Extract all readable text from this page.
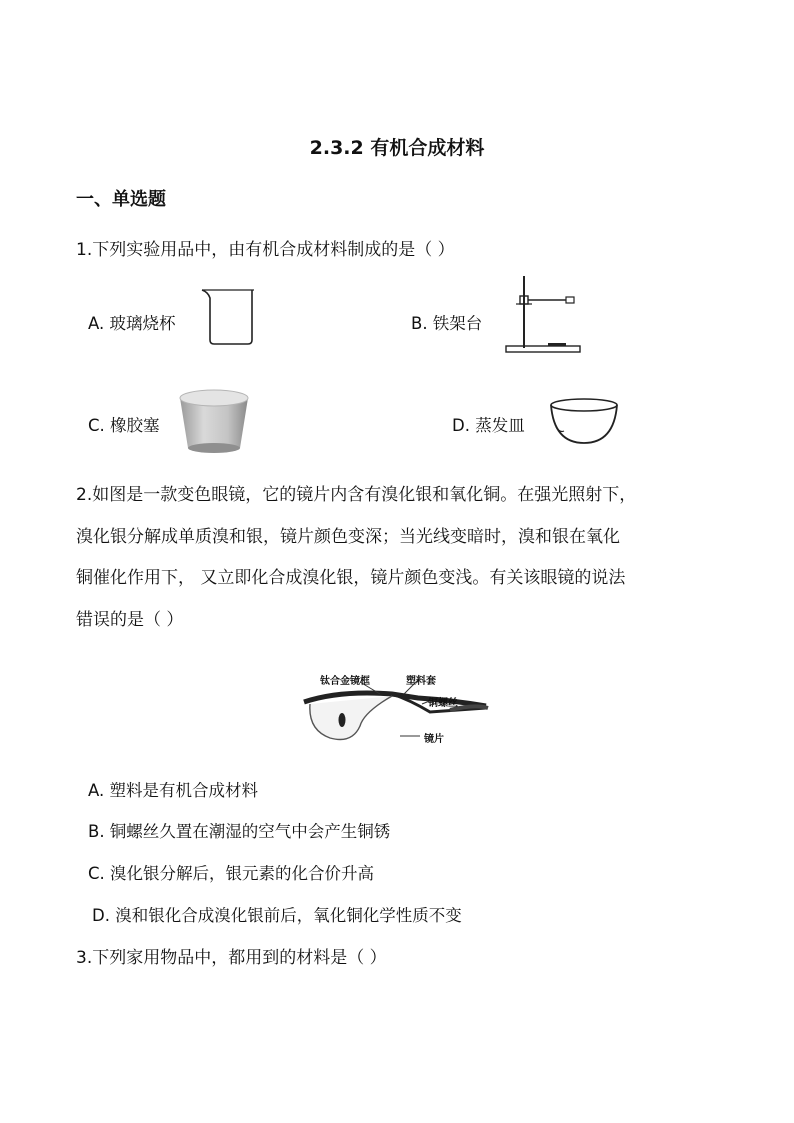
2.3.2 有机合成材料
一、单选题
1.下列实验用品中，由有机合成材料制成的是（ ）
A. 玻璃烧杯	B. 铁架台
C. 橡胶塞	D. 蒸发皿
2.如图是一款变色眼镜，它的镜片内含有溴化银和氧化铜。在强光照射下，
溴化银分解成单质溴和银，镜片颜色变深；当光线变暗时，溴和银在氧化
铜催化作用下， 又立即化合成溴化银，镜片颜色变浅。有关该眼镜的说法
错误的是（ ）
钛合金镜框	塑料套
铜螺丝
镜片
A. 塑料是有机合成材料
B. 铜螺丝久置在潮湿的空气中会产生铜锈
C. 溴化银分解后，银元素的化合价升高
D. 溴和银化合成溴化银前后，氧化铜化学性质不变
3.下列家用物品中，都用到的材料是（ ）
